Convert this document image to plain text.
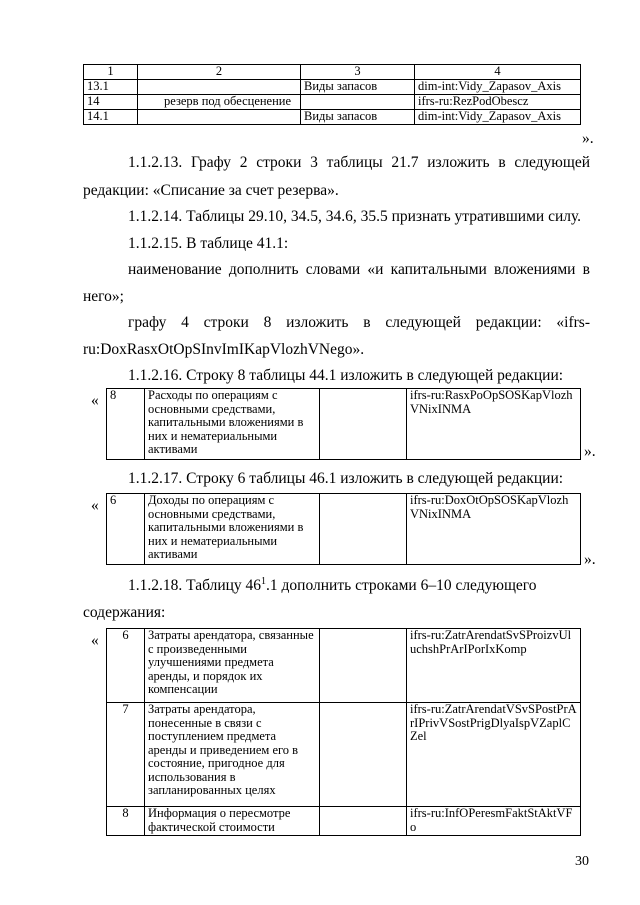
1	2	3	4
13.1		Виды запасов	dim-int:Vidy_Zapasov_Axis
14	резерв под обесценение		ifrs-ru:RezPodObescz
14.1		Виды запасов	dim-int:Vidy_Zapasov_Axis
».
1.1.2.13. Графу 2 строки 3 таблицы 21.7 изложить в следующей
редакции: «Списание за счет резерва».
1.1.2.14. Таблицы 29.10, 34.5, 34.6, 35.5 признать утратившими силу.
1.1.2.15. В таблице 41.1:
наименование дополнить словами «и капитальными вложениями в
него»;
графу 4 строки 8 изложить в следующей редакции: «ifrs-
ru:DoxRasxOtOpSInvImIKapVlozhVNego».
1.1.2.16. Строку 8 таблицы 44.1 изложить в следующей редакции:
« 8	Расходы по операциям с основными средствами, капитальными вложениями в них и нематериальными активами		ifrs-ru:RasxPoOpSOSKapVlozhVNixINMA
».
1.1.2.17. Строку 6 таблицы 46.1 изложить в следующей редакции:
« 6	Доходы по операциям с основными средствами, капитальными вложениями в них и нематериальными активами		ifrs-ru:DoxOtOpSOSKapVlozhVNixINMA
».
1.1.2.18. Таблицу $46^1.1$ дополнить строками 6–10 следующего
содержания:
« 6	Затраты арендатора, связанные с произведенными улучшениями предмета аренды, и порядок их компенсации		ifrs-ru:ZatrArendatSvSProizvUluchshPrArIPorIxKomp
7	Затраты арендатора, понесенные в связи с поступлением предмета аренды и приведением его в состояние, пригодное для использования в запланированных целях		ifrs-ru:ZatrArendatVSvSPostPrArIPrivVSostPrigDlyaIspVZaplCZel
8	Информация о пересмотре фактической стоимости		ifrs-ru:InfOPeresmFaktStAktVFo
30
